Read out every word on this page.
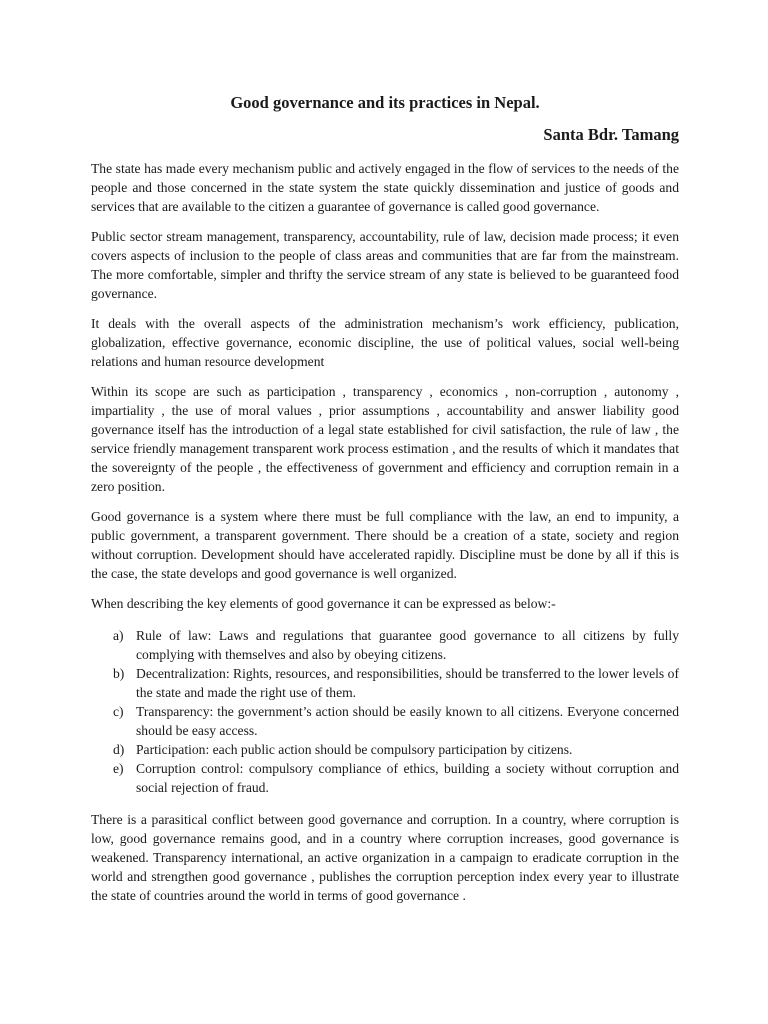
Good governance and its practices in Nepal.
Santa Bdr. Tamang

The state has made every mechanism public and actively engaged in the flow of services to the needs of the people and those concerned in the state system the state quickly dissemination and justice of goods and services that are available to the citizen a guarantee of governance is called good governance.

Public sector stream management, transparency, accountability, rule of law, decision made process; it even covers aspects of inclusion to the people of class areas and communities that are far from the mainstream. The more comfortable, simpler and thrifty the service stream of any state is believed to be guaranteed food governance.

It deals with the overall aspects of the administration mechanism’s work efficiency, publication, globalization, effective governance, economic discipline, the use of political values, social well-being relations and human resource development

Within its scope are such as participation , transparency , economics , non-corruption , autonomy , impartiality , the use of moral values , prior assumptions , accountability and answer liability good governance itself has the introduction of a legal state established for civil satisfaction, the rule of law , the service friendly management transparent work process estimation , and the results of which it mandates that the sovereignty of the people , the effectiveness of government and efficiency and corruption remain in a zero position.

Good governance is a system where there must be full compliance with the law, an end to impunity, a public government, a transparent government. There should be a creation of a state, society and region without corruption. Development should have accelerated rapidly. Discipline must be done by all if this is the case, the state develops and good governance is well organized.

When describing the key elements of good governance it can be expressed as below:-

a) Rule of law: Laws and regulations that guarantee good governance to all citizens by fully complying with themselves and also by obeying citizens.
b) Decentralization: Rights, resources, and responsibilities, should be transferred to the lower levels of the state and made the right use of them.
c) Transparency: the government’s action should be easily known to all citizens. Everyone concerned should be easy access.
d) Participation: each public action should be compulsory participation by citizens.
e) Corruption control: compulsory compliance of ethics, building a society without corruption and social rejection of fraud.

There is a parasitical conflict between good governance and corruption. In a country, where corruption is low, good governance remains good, and in a country where corruption increases, good governance is weakened. Transparency international, an active organization in a campaign to eradicate corruption in the world and strengthen good governance , publishes the corruption perception index every year to illustrate the state of countries around the world in terms of good governance .
